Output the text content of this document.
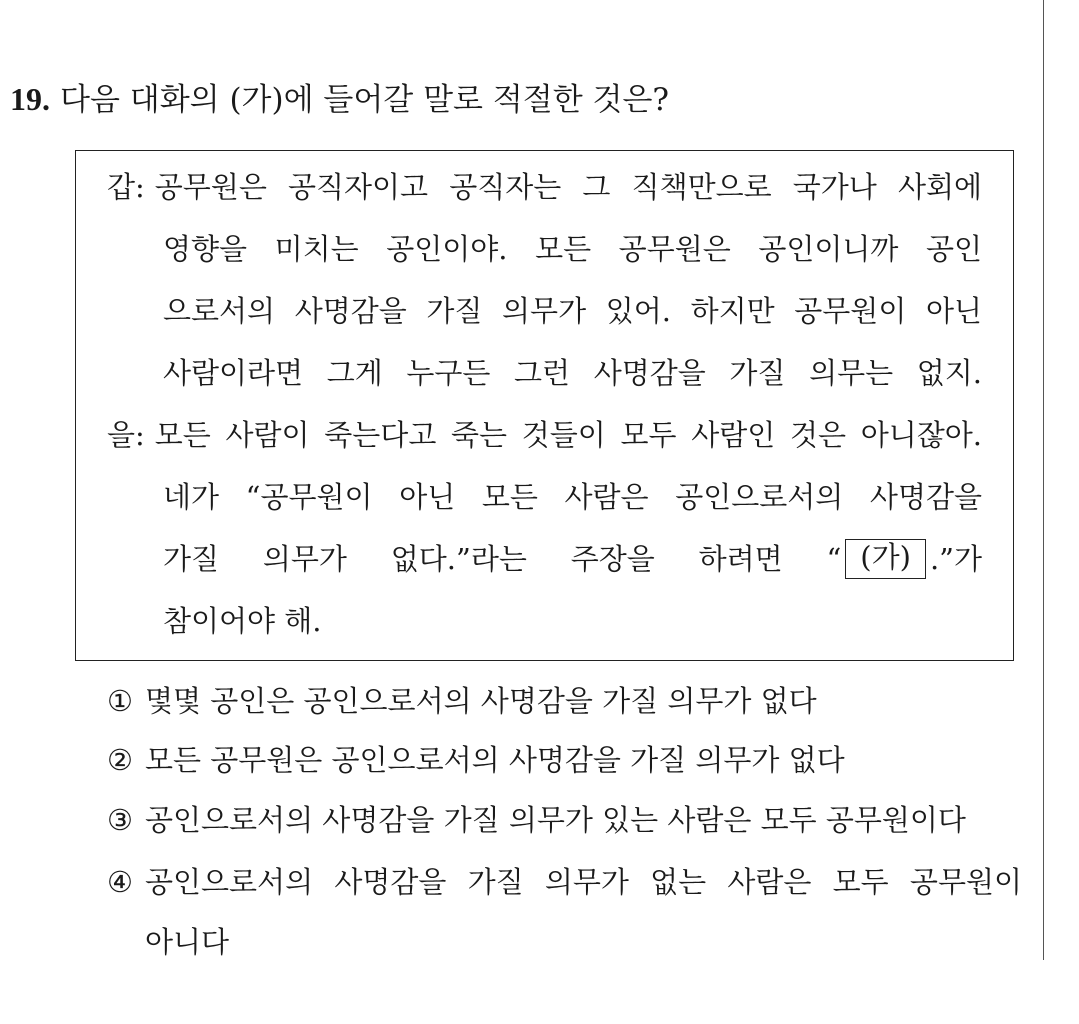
19. 다음 대화의 (가)에 들어갈 말로 적절한 것은?
갑: 공무원은 공직자이고 공직자는 그 직책만으로 국가나 사회에
영향을 미치는 공인이야. 모든 공무원은 공인이니까 공인
으로서의 사명감을 가질 의무가 있어. 하지만 공무원이 아닌
사람이라면 그게 누구든 그런 사명감을 가질 의무는 없지.
을: 모든 사람이 죽는다고 죽는 것들이 모두 사람인 것은 아니잖아.
네가 “공무원이 아닌 모든 사람은 공인으로서의 사명감을
가질 의무가 없다.”라는 주장을 하려면 “ (가) .”가
참이어야 해.
① 몇몇 공인은 공인으로서의 사명감을 가질 의무가 없다
② 모든 공무원은 공인으로서의 사명감을 가질 의무가 없다
③ 공인으로서의 사명감을 가질 의무가 있는 사람은 모두 공무원이다
④ 공인으로서의 사명감을 가질 의무가 없는 사람은 모두 공무원이
아니다
